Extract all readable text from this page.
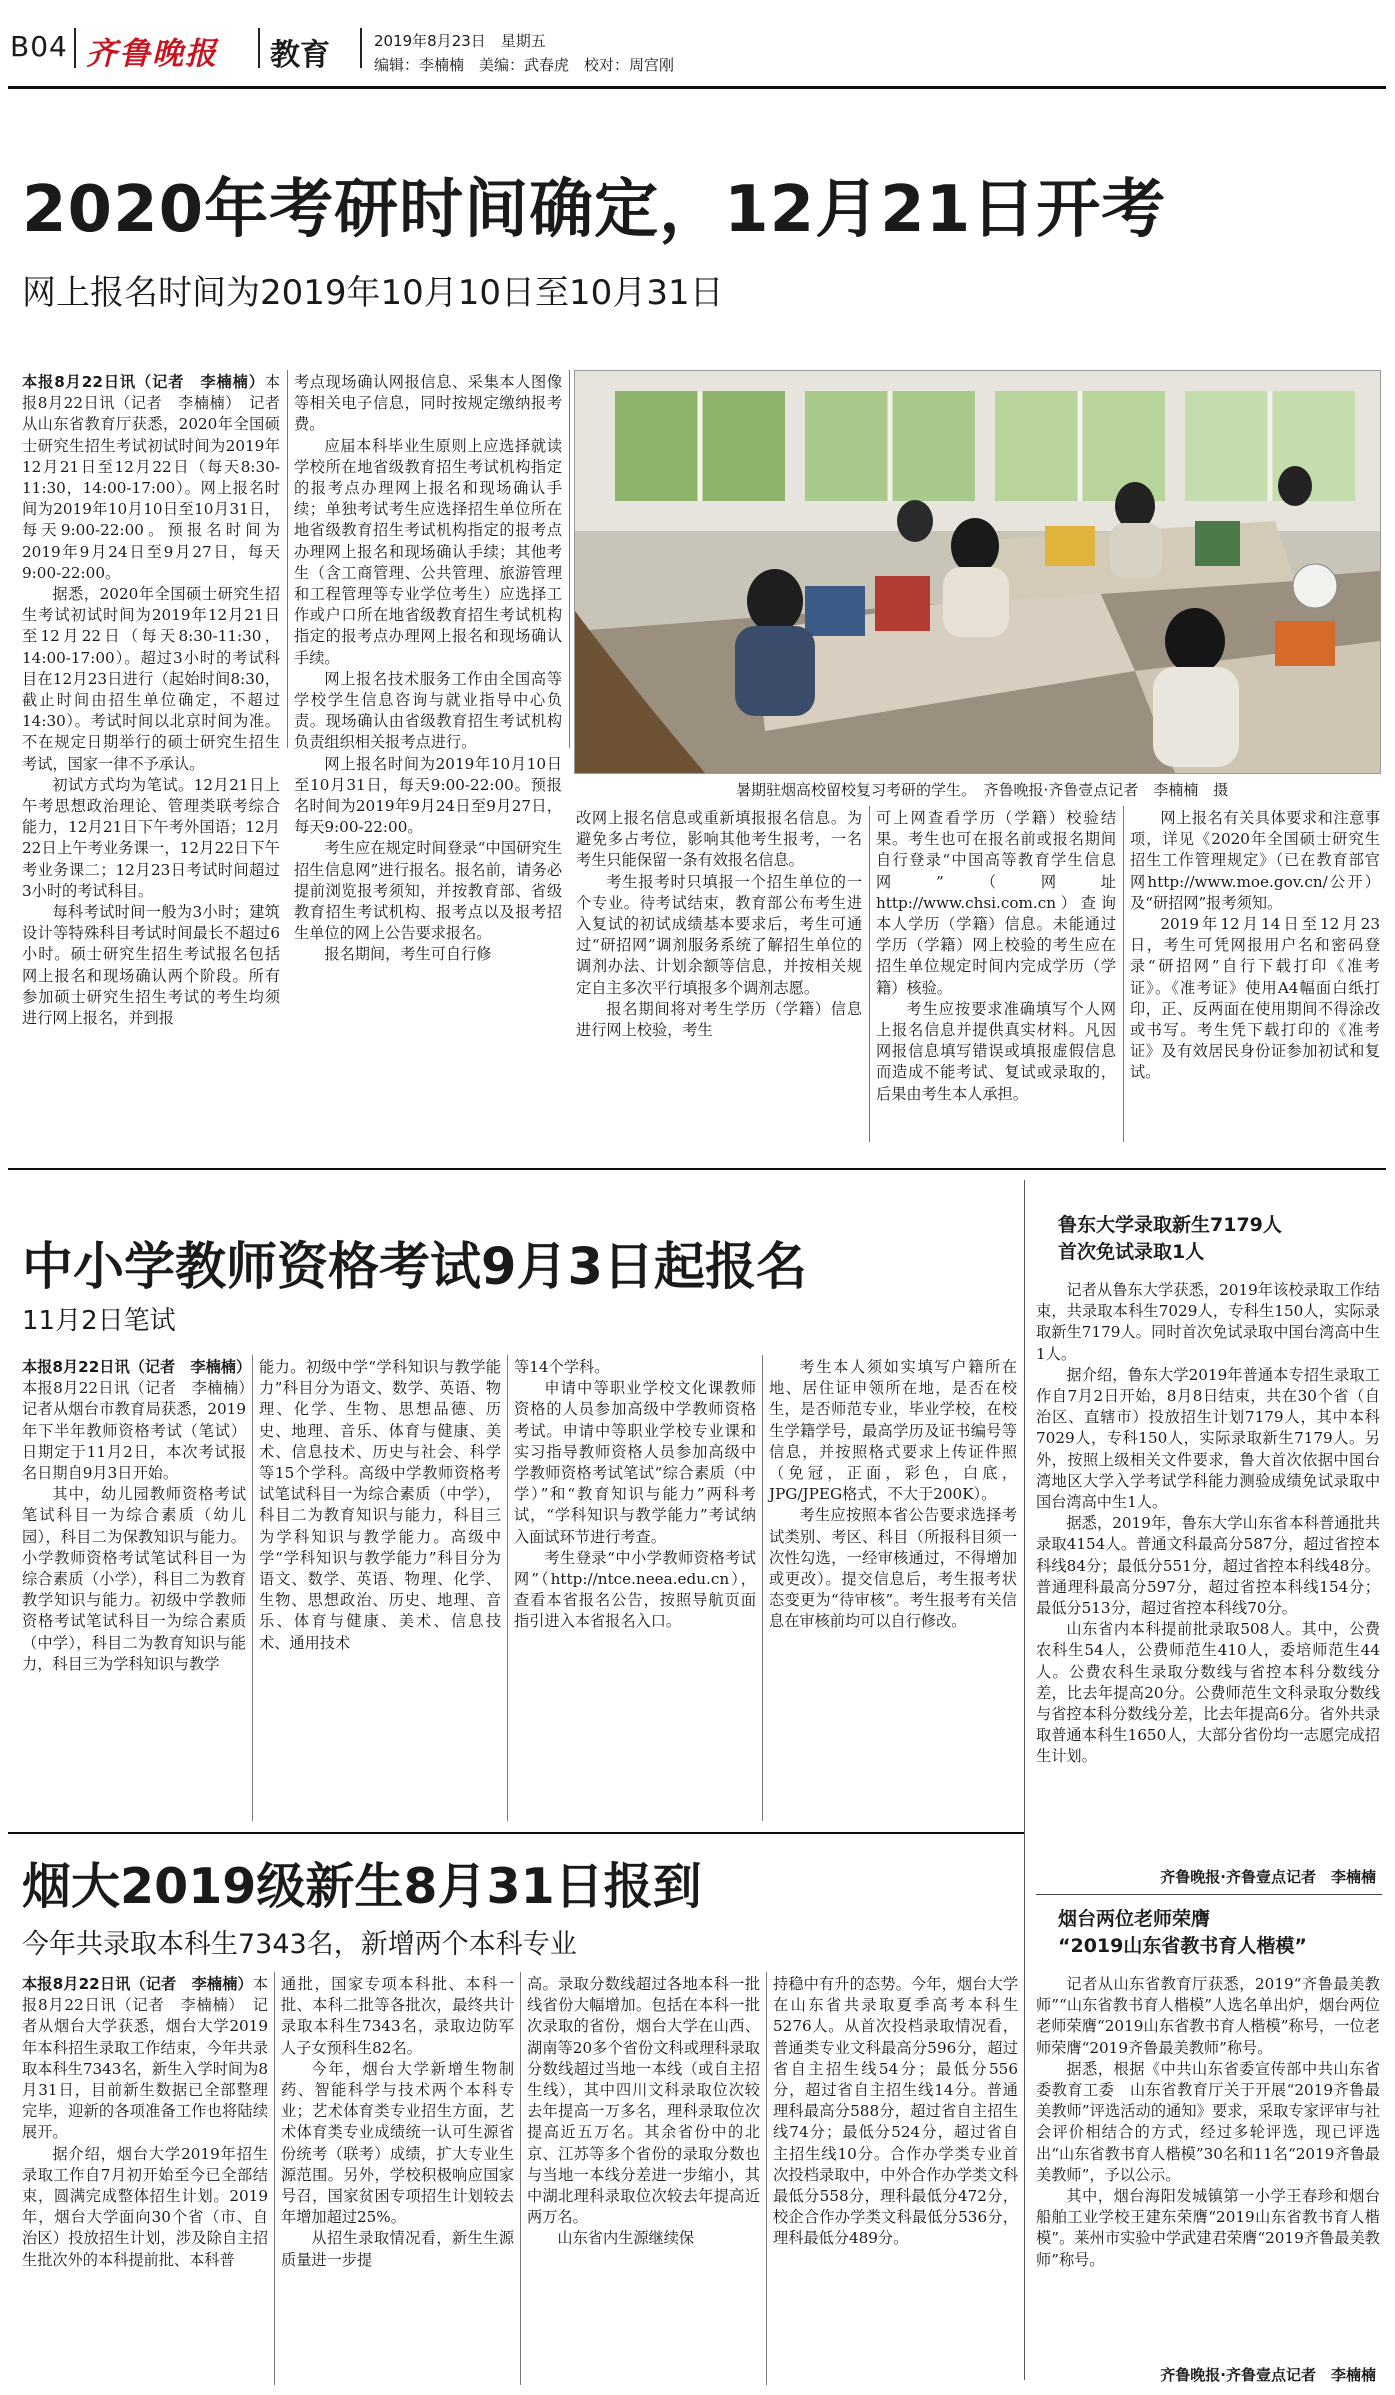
B04 齐鲁晚报 教育	2019年8月23日　星期五
编辑：李楠楠　美编：武春虎　校对：周宫刚
2020年考研时间确定，12月21日开考
网上报名时间为2019年10月10日至10月31日
暑期驻烟高校留校复习考研的学生。　齐鲁晚报·齐鲁壹点记者　李楠楠　摄

本报8月22日讯（记者　李楠楠）本报8月22日讯（记者　李楠楠）　记者从山东省教育厅获悉，2020年全国硕士研究生招生考试初试时间为2019年12月21日至12月22日（每天8:30-11:30，14:00-17:00）。网上报名时间为2019年10月10日至10月31日，每天9:00-22:00。预报名时间为2019年9月24日至9月27日，每天9:00-22:00。

据悉，2020年全国硕士研究生招生考试初试时间为2019年12月21日至12月22日（每天8:30-11:30，14:00-17:00）。超过3小时的考试科目在12月23日进行（起始时间8:30，截止时间由招生单位确定，不超过14:30）。考试时间以北京时间为准。不在规定日期举行的硕士研究生招生考试，国家一律不予承认。

初试方式均为笔试。12月21日上午考思想政治理论、管理类联考综合能力，12月21日下午考外国语；12月22日上午考业务课一，12月22日下午考业务课二；12月23日考试时间超过3小时的考试科目。

每科考试时间一般为3小时；建筑设计等特殊科目考试时间最长不超过6小时。硕士研究生招生考试报名包括网上报名和现场确认两个阶段。所有参加硕士研究生招生考试的考生均须进行网上报名，并到报

考点现场确认网报信息、采集本人图像等相关电子信息，同时按规定缴纳报考费。

应届本科毕业生原则上应选择就读学校所在地省级教育招生考试机构指定的报考点办理网上报名和现场确认手续；单独考试考生应选择招生单位所在地省级教育招生考试机构指定的报考点办理网上报名和现场确认手续；其他考生（含工商管理、公共管理、旅游管理和工程管理等专业学位考生）应选择工作或户口所在地省级教育招生考试机构指定的报考点办理网上报名和现场确认手续。

网上报名技术服务工作由全国高等学校学生信息咨询与就业指导中心负责。现场确认由省级教育招生考试机构负责组织相关报考点进行。

网上报名时间为2019年10月10日至10月31日，每天9:00-22:00。预报名时间为2019年9月24日至9月27日，每天9:00-22:00。

考生应在规定时间登录“中国研究生招生信息网”进行报名。报名前，请务必提前浏览报考须知，并按教育部、省级教育招生考试机构、报考点以及报考招生单位的网上公告要求报名。

报名期间，考生可自行修

改网上报名信息或重新填报报名信息。为避免多占考位，影响其他考生报考，一名考生只能保留一条有效报名信息。

考生报考时只填报一个招生单位的一个专业。待考试结束，教育部公布考生进入复试的初试成绩基本要求后，考生可通过“研招网”调剂服务系统了解招生单位的调剂办法、计划余额等信息，并按相关规定自主多次平行填报多个调剂志愿。

报名期间将对考生学历（学籍）信息进行网上校验，考生

可上网查看学历（学籍）校验结果。考生也可在报名前或报名期间自行登录“中国高等教育学生信息网”（网址http://www.chsi.com.cn）查询本人学历（学籍）信息。未能通过学历（学籍）网上校验的考生应在招生单位规定时间内完成学历（学籍）核验。

考生应按要求准确填写个人网上报名信息并提供真实材料。凡因网报信息填写错误或填报虚假信息而造成不能考试、复试或录取的，后果由考生本人承担。

网上报名有关具体要求和注意事项，详见《2020年全国硕士研究生招生工作管理规定》（已在教育部官网http://www.moe.gov.cn/公开）及“研招网”报考须知。

2019年12月14日至12月23日，考生可凭网报用户名和密码登录“研招网”自行下载打印《准考证》。《准考证》使用A4幅面白纸打印，正、反两面在使用期间不得涂改或书写。考生凭下载打印的《准考证》及有效居民身份证参加初试和复试。

中小学教师资格考试9月3日起报名
11月2日笔试

本报8月22日讯（记者　李楠楠）本报8月22日讯（记者　李楠楠）　记者从烟台市教育局获悉，2019年下半年教师资格考试（笔试）日期定于11月2日，本次考试报名日期自9月3日开始。

其中，幼儿园教师资格考试笔试科目一为综合素质（幼儿园），科目二为保教知识与能力。小学教师资格考试笔试科目一为综合素质（小学），科目二为教育教学知识与能力。初级中学教师资格考试笔试科目一为综合素质（中学），科目二为教育知识与能力，科目三为学科知识与教学

能力。初级中学“学科知识与教学能力”科目分为语文、数学、英语、物理、化学、生物、思想品德、历史、地理、音乐、体育与健康、美术、信息技术、历史与社会、科学等15个学科。高级中学教师资格考试笔试科目一为综合素质（中学），科目二为教育知识与能力，科目三为学科知识与教学能力。高级中学“学科知识与教学能力”科目分为语文、数学、英语、物理、化学、生物、思想政治、历史、地理、音乐、体育与健康、美术、信息技术、通用技术

等14个学科。

申请中等职业学校文化课教师资格的人员参加高级中学教师资格考试。申请中等职业学校专业课和实习指导教师资格人员参加高级中学教师资格考试笔试“综合素质（中学）”和“教育知识与能力”两科考试，“学科知识与教学能力”考试纳入面试环节进行考查。

考生登录“中小学教师资格考试网”（http://ntce.neea.edu.cn），查看本省报名公告，按照导航页面指引进入本省报名入口。

考生本人须如实填写户籍所在地、居住证申领所在地，是否在校生，是否师范专业，毕业学校，在校生学籍学号，最高学历及证书编号等信息，并按照格式要求上传证件照（免冠，正面，彩色，白底，JPG/JPEG格式，不大于200K）。

考生应按照本省公告要求选择考试类别、考区、科目（所报科目须一次性勾选，一经审核通过，不得增加或更改）。提交信息后，考生报考状态变更为“待审核”。考生报考有关信息在审核前均可以自行修改。

烟大2019级新生8月31日报到
今年共录取本科生7343名，新增两个本科专业

本报8月22日讯（记者　李楠楠）本报8月22日讯（记者　李楠楠）　记者从烟台大学获悉，烟台大学2019年本科招生录取工作结束，今年共录取本科生7343名，新生入学时间为8月31日，目前新生数据已全部整理完毕，迎新的各项准备工作也将陆续展开。

据介绍，烟台大学2019年招生录取工作自7月初开始至今已全部结束，圆满完成整体招生计划。2019年，烟台大学面向30个省（市、自治区）投放招生计划，涉及除自主招生批次外的本科提前批、本科普

通批，国家专项本科批、本科一批、本科二批等各批次，最终共计录取本科生7343名，录取边防军人子女预科生82名。

今年，烟台大学新增生物制药、智能科学与技术两个本科专业；艺术体育类专业招生方面，艺术体育类专业成绩统一认可生源省份统考（联考）成绩，扩大专业生源范围。另外，学校积极响应国家号召，国家贫困专项招生计划较去年增加超过25%。

从招生录取情况看，新生生源质量进一步提

高。录取分数线超过各地本科一批线省份大幅增加。包括在本科一批次录取的省份，烟台大学在山西、湖南等20多个省份文科或理科录取分数线超过当地一本线（或自主招生线），其中四川文科录取位次较去年提高一万多名，理科录取位次提高近五万名。其余省份中的北京、江苏等多个省份的录取分数也与当地一本线分差进一步缩小，其中湖北理科录取位次较去年提高近两万名。

山东省内生源继续保

持稳中有升的态势。今年，烟台大学在山东省共录取夏季高考本科生5276人。从首次投档录取情况看，普通类专业文科最高分596分，超过省自主招生线54分；最低分556分，超过省自主招生线14分。普通理科最高分588分，超过省自主招生线74分；最低分524分，超过省自主招生线10分。合作办学类专业首次投档录取中，中外合作办学类文科最低分558分，理科最低分472分，校企合作办学类文科最低分536分，理科最低分489分。

鲁东大学录取新生7179人
首次免试录取1人

记者从鲁东大学获悉，2019年该校录取工作结束，共录取本科生7029人，专科生150人，实际录取新生7179人。同时首次免试录取中国台湾高中生1人。

据介绍，鲁东大学2019年普通本专招生录取工作自7月2日开始，8月8日结束，共在30个省（自治区、直辖市）投放招生计划7179人，其中本科7029人，专科150人，实际录取新生7179人。另外，按照上级相关文件要求，鲁大首次依据中国台湾地区大学入学考试学科能力测验成绩免试录取中国台湾高中生1人。

据悉，2019年，鲁东大学山东省本科普通批共录取4154人。普通文科最高分587分，超过省控本科线84分；最低分551分，超过省控本科线48分。普通理科最高分597分，超过省控本科线154分；最低分513分，超过省控本科线70分。

山东省内本科提前批录取508人。其中，公费农科生54人，公费师范生410人，委培师范生44人。公费农科生录取分数线与省控本科分数线分差，比去年提高20分。公费师范生文科录取分数线与省控本科分数线分差，比去年提高6分。省外共录取普通本科生1650人，大部分省份均一志愿完成招生计划。

齐鲁晚报·齐鲁壹点记者　李楠楠
烟台两位老师荣膺
“2019山东省教书育人楷模”

记者从山东省教育厅获悉，2019“齐鲁最美教师”“山东省教书育人楷模”人选名单出炉，烟台两位老师荣膺“2019山东省教书育人楷模”称号，一位老师荣膺“2019齐鲁最美教师”称号。

据悉，根据《中共山东省委宣传部中共山东省委教育工委　山东省教育厅关于开展“2019齐鲁最美教师”评选活动的通知》要求，采取专家评审与社会评价相结合的方式，经过多轮评选，现已评选出“山东省教书育人楷模”30名和11名“2019齐鲁最美教师”，予以公示。

其中，烟台海阳发城镇第一小学王春珍和烟台船舶工业学校王建东荣膺“2019山东省教书育人楷模”。莱州市实验中学武建君荣膺“2019齐鲁最美教师”称号。

齐鲁晚报·齐鲁壹点记者　李楠楠
